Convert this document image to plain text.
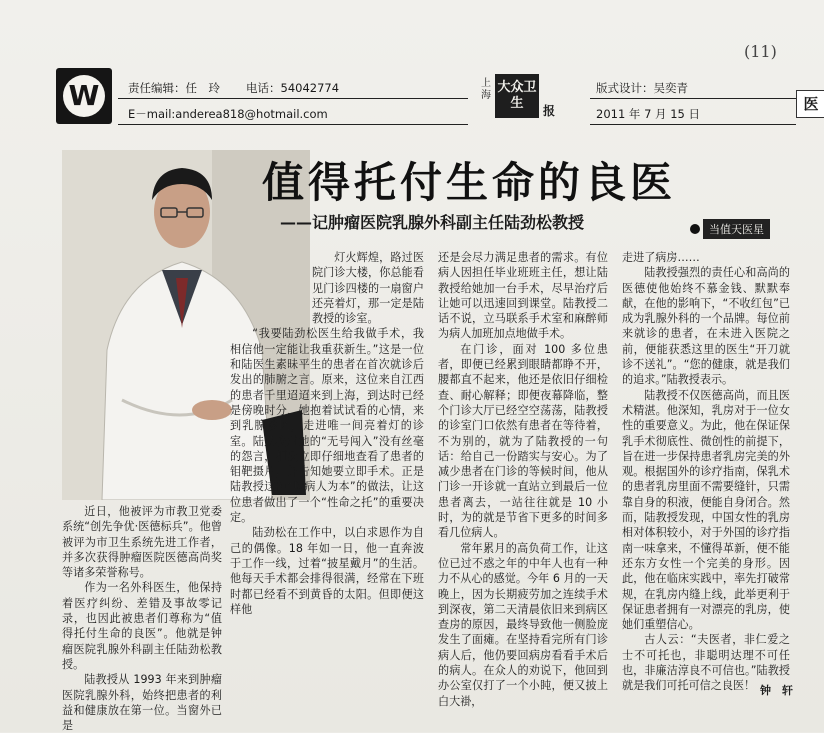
(11)
W	责任编辑：任　玲 电话：54042774
E－mail:anderea818@hotmail.com
上海
大众卫生	报
版式设计：吴奕青
2011 年 7 月 15 日
医
值得托付生命的良医
——记肿瘤医院乳腺外科副主任陆劲松教授	当值天医星

近日，他被评为市教卫党委系统“创先争优·医德标兵”。他曾被评为市卫生系统先进工作者，并多次获得肿瘤医院医德高尚奖等诸多荣誉称号。

作为一名外科医生，他保持着医疗纠纷、差错及事故零记录，也因此被患者们尊称为“值得托付生命的良医”。他就是钟瘤医院乳腺外科副主任陆劲松教授。

陆教授从 1993 年来到肿瘤医院乳腺外科，始终把患者的利益和健康放在第一位。当窗外已是

灯火辉煌，路过医院门诊大楼，你总能看见门诊四楼的一扇窗户还亮着灯，那一定是陆教授的诊室。

“我要陆劲松医生给我做手术，我相信他一定能让我重获新生。”这是一位和陆医生素昧平生的患者在首次就诊后发出的肺腑之言。原来，这位来自江西的患者千里迢迢来到上海，到达时已经是傍晚时分，她抱着试试看的心情，来到乳腺诊区，走进唯一间亮着灯的诊室。陆劲松对她的“无号闯入”没有丝毫的怨言，相反立即仔细地查看了患者的钼靶摄片，并告知她要立即手术。正是陆教授这种“以病人为本”的做法，让这位患者做出了一个“性命之托”的重要决定。

陆劲松在工作中，以白求恩作为自己的偶像。18 年如一日，他一直奔波于工作一线，过着“披星戴月”的生活。他每天手术都会排得很满，经常在下班时都已经看不到黄昏的太阳。但即便这样他

还是会尽力满足患者的需求。有位病人因担任毕业班班主任，想让陆教授给她加一台手术，尽早治疗后让她可以迅速回到课堂。陆教授二话不说，立马联系手术室和麻醉师为病人加班加点地做手术。

在门诊，面对 100 多位患者，即便已经累到眼睛都睁不开，腰都直不起来，他还是依旧仔细检查、耐心解释；即便夜幕降临，整个门诊大厅已经空空荡荡，陆教授的诊室门口依然有患者在等待着，不为别的，就为了陆教授的一句话：给自己一份踏实与安心。为了减少患者在门诊的等候时间，他从门诊一开诊就一直站立到最后一位患者离去，一站往往就是 10 小时，为的就是节省下更多的时间多看几位病人。

常年累月的高负荷工作，让这位已过不惑之年的中年人也有一种力不从心的感觉。今年 6 月的一天晚上，因为长期疲劳加之连续手术到深夜，第二天清晨依旧来到病区查房的原因，最终导致他一侧脸庞发生了面瘫。在坚持看完所有门诊病人后，他仍要回病房看看手术后的病人。在众人的劝说下，他回到办公室仅打了一个小盹，便又披上白大褂，

走进了病房……

陆教授强烈的责任心和高尚的医德使他始终不慕金钱、默默奉献，在他的影响下，“不收红包”已成为乳腺外科的一个品牌。每位前来就诊的患者，在未进入医院之前，便能获悉这里的医生“开刀就诊不送礼”。“您的健康，就是我们的追求。”陆教授表示。

陆教授不仅医德高尚，而且医术精湛。他深知，乳房对于一位女性的重要意义。为此，他在保证保乳手术彻底性、微创性的前提下，旨在进一步保持患者乳房完美的外观。根据国外的诊疗指南，保乳术的患者乳房里面不需要缝针，只需靠自身的积液，便能自身闭合。然而，陆教授发现，中国女性的乳房相对体积较小，对于外国的诊疗指南一味拿来，不懂得革新，便不能还东方女性一个完美的身形。因此，他在临床实践中，率先打破常规，在乳房内缝上线，此举更利于保证患者拥有一对漂亮的乳房，使她们重塑信心。

古人云：“夫医者，非仁爱之士不可托也，非聪明达理不可任也，非廉洁淳良不可信也。”陆教授就是我们可托可信之良医！ 钟　轩
